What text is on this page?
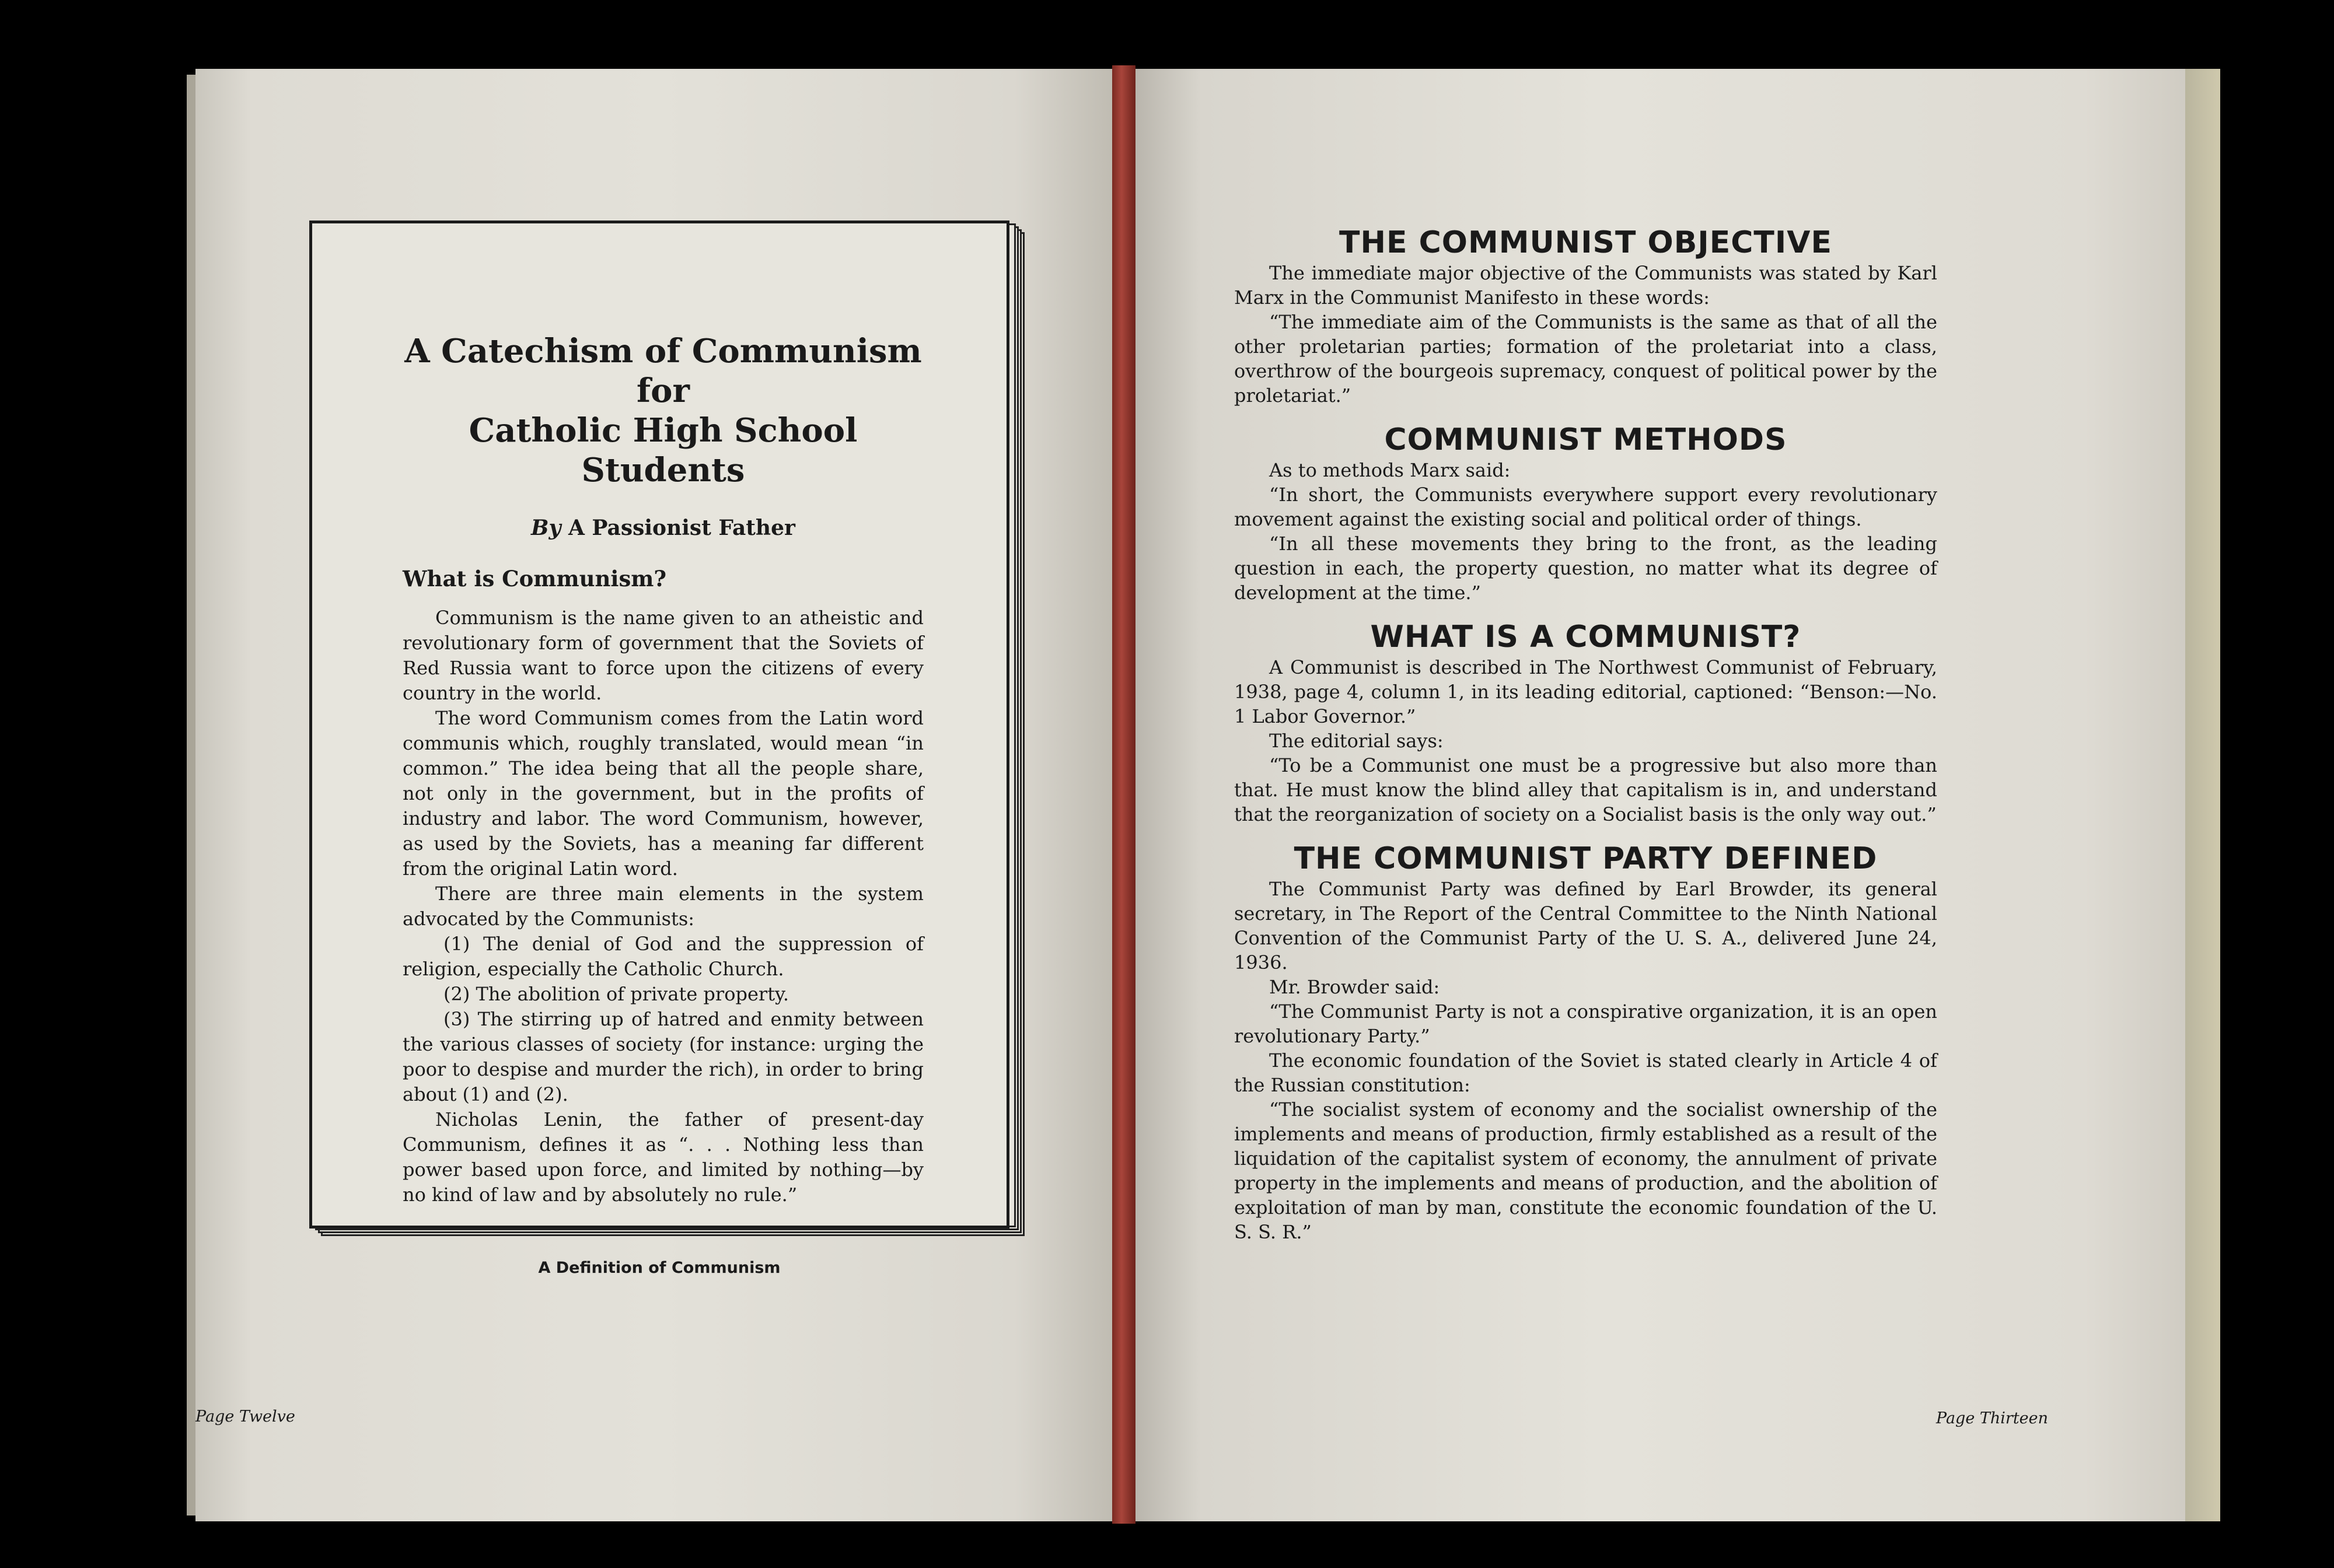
A Catechism of Communism for
Catholic High School Students
By A Passionist Father
What is Communism?

Communism is the name given to an atheistic and revolutionary form of government that the Soviets of Red Russia want to force upon the citizens of every country in the world.

The word Communism comes from the Latin word communis which, roughly translated, would mean “in common.” The idea being that all the people share, not only in the government, but in the profits of industry and labor. The word Communism, however, as used by the Soviets, has a meaning far different from the original Latin word.

There are three main elements in the system advocated by the Communists:

(1) The denial of God and the suppression of religion, especially the Catholic Church.

(2) The abolition of private property.

(3) The stirring up of hatred and enmity between the various classes of society (for instance: urging the poor to despise and murder the rich), in order to bring about (1) and (2).

Nicholas Lenin, the father of present-day Communism, defines it as “. . . Nothing less than power based upon force, and limited by nothing—by no kind of law and by absolutely no rule.”

A Definition of Communism
Page Twelve
THE COMMUNIST OBJECTIVE

The immediate major objective of the Communists was stated by Karl Marx in the Communist Manifesto in these words:

“The immediate aim of the Communists is the same as that of all the other proletarian parties; formation of the proletariat into a class, overthrow of the bourgeois supremacy, conquest of political power by the proletariat.”

COMMUNIST METHODS

As to methods Marx said:

“In short, the Communists everywhere support every revolutionary movement against the existing social and political order of things.

“In all these movements they bring to the front, as the leading question in each, the property question, no matter what its degree of development at the time.”

WHAT IS A COMMUNIST?

A Communist is described in The Northwest Communist of February, 1938, page 4, column 1, in its leading editorial, captioned: “Benson:—No. 1 Labor Governor.”

The editorial says:

“To be a Communist one must be a progressive but also more than that. He must know the blind alley that capitalism is in, and understand that the reorganization of society on a Socialist basis is the only way out.”

THE COMMUNIST PARTY DEFINED

The Communist Party was defined by Earl Browder, its general secretary, in The Report of the Central Committee to the Ninth National Convention of the Communist Party of the U. S. A., delivered June 24, 1936.

Mr. Browder said:

“The Communist Party is not a conspirative organization, it is an open revolutionary Party.”

The economic foundation of the Soviet is stated clearly in Article 4 of the Russian constitution:

“The socialist system of economy and the socialist ownership of the implements and means of production, firmly established as a result of the liquidation of the capitalist system of economy, the annulment of private property in the implements and means of production, and the abolition of exploitation of man by man, constitute the economic foundation of the U. S. S. R.”

Page Thirteen
